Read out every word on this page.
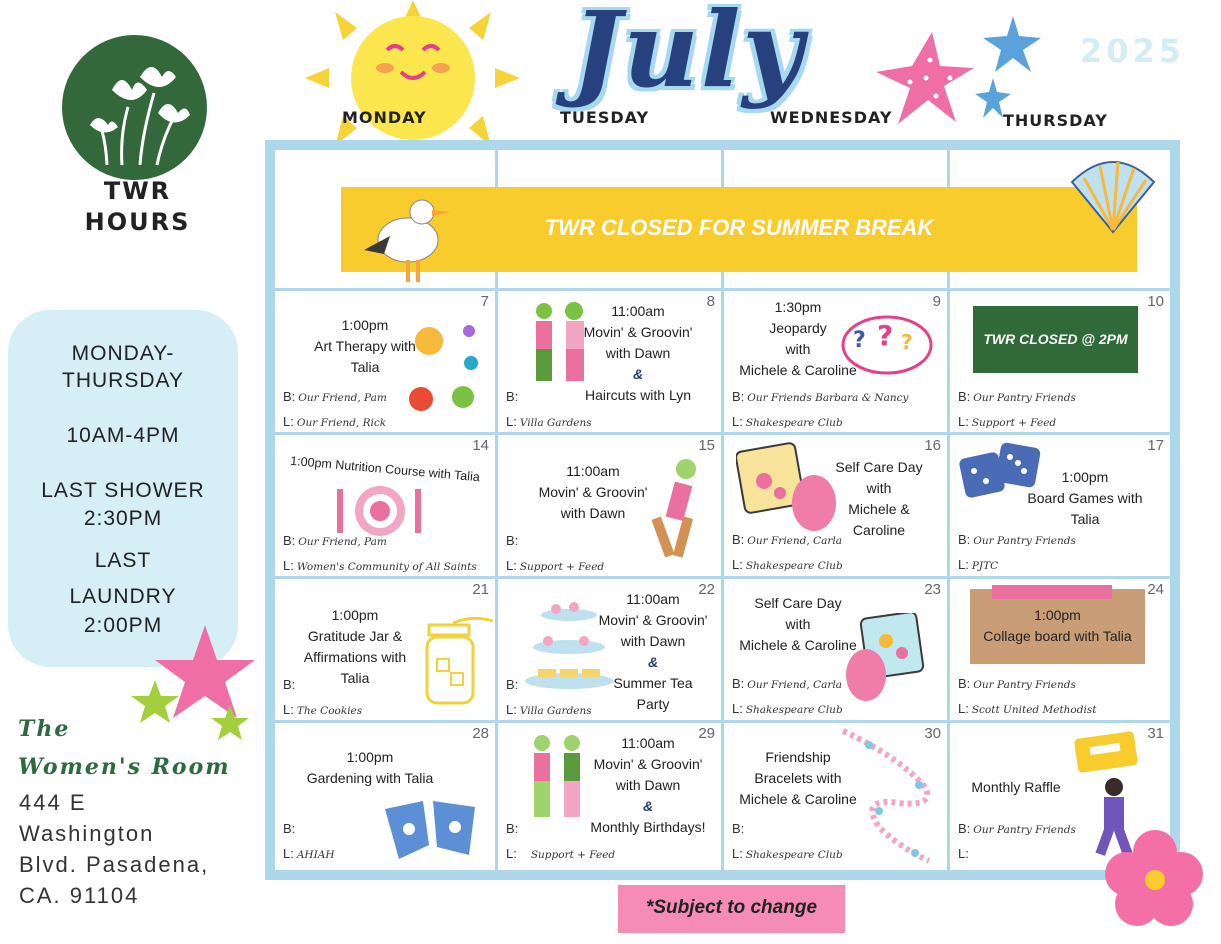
TWR
HOURS
MONDAY-
THURSDAY
10AM-4PM
LAST SHOWER
2:30PM
LAST
LAUNDRY
2:00PM
The
Women's Room
444 E
Washington
Blvd. Pasadena,
CA. 91104
July	2025
MONDAY	TUESDAY	WEDNESDAY	THURSDAY
7
1:00pm
Art Therapy with
Talia
B: Our Friend, Pam
L: Our Friend, Rick
8
11:00am
Movin' & Groovin'
with Dawn
&
Haircuts with Lyn
B:
L: Villa Gardens
9
1:30pm
Jeopardy
with
Michele & Caroline
? ? ?
B: Our Friends Barbara & Nancy
L: Shakespeare Club
10
TWR CLOSED @ 2PM
B: Our Pantry Friends
L: Support + Feed
14
1:00pm Nutrition Course with Talia
B: Our Friend, Pam
L: Women's Community of All Saints
15
11:00am
Movin' & Groovin'
with Dawn
B:
L: Support + Feed
16
Self Care Day
with
Michele &
Caroline
B: Our Friend, Carla
L: Shakespeare Club
17
1:00pm
Board Games with
Talia
B: Our Pantry Friends
L: PJTC
21
1:00pm
Gratitude Jar &
Affirmations with
Talia
B:
L: The Cookies
22
11:00am
Movin' & Groovin'
with Dawn
&
Summer Tea
Party
B:
L: Villa Gardens
23
Self Care Day
with
Michele & Caroline
B: Our Friend, Carla
L: Shakespeare Club
24
1:00pm
Collage board with Talia
B: Our Pantry Friends
L: Scott United Methodist
28
1:00pm
Gardening with Talia
B:
L: AHIAH
29
11:00am
Movin' & Groovin'
with Dawn
&
Monthly Birthdays!
B:
L: Support + Feed
30
Friendship
Bracelets with
Michele & Caroline
B:
L: Shakespeare Club
31
Monthly Raffle
B: Our Pantry Friends
L:
TWR CLOSED FOR SUMMER BREAK
*Subject to change
